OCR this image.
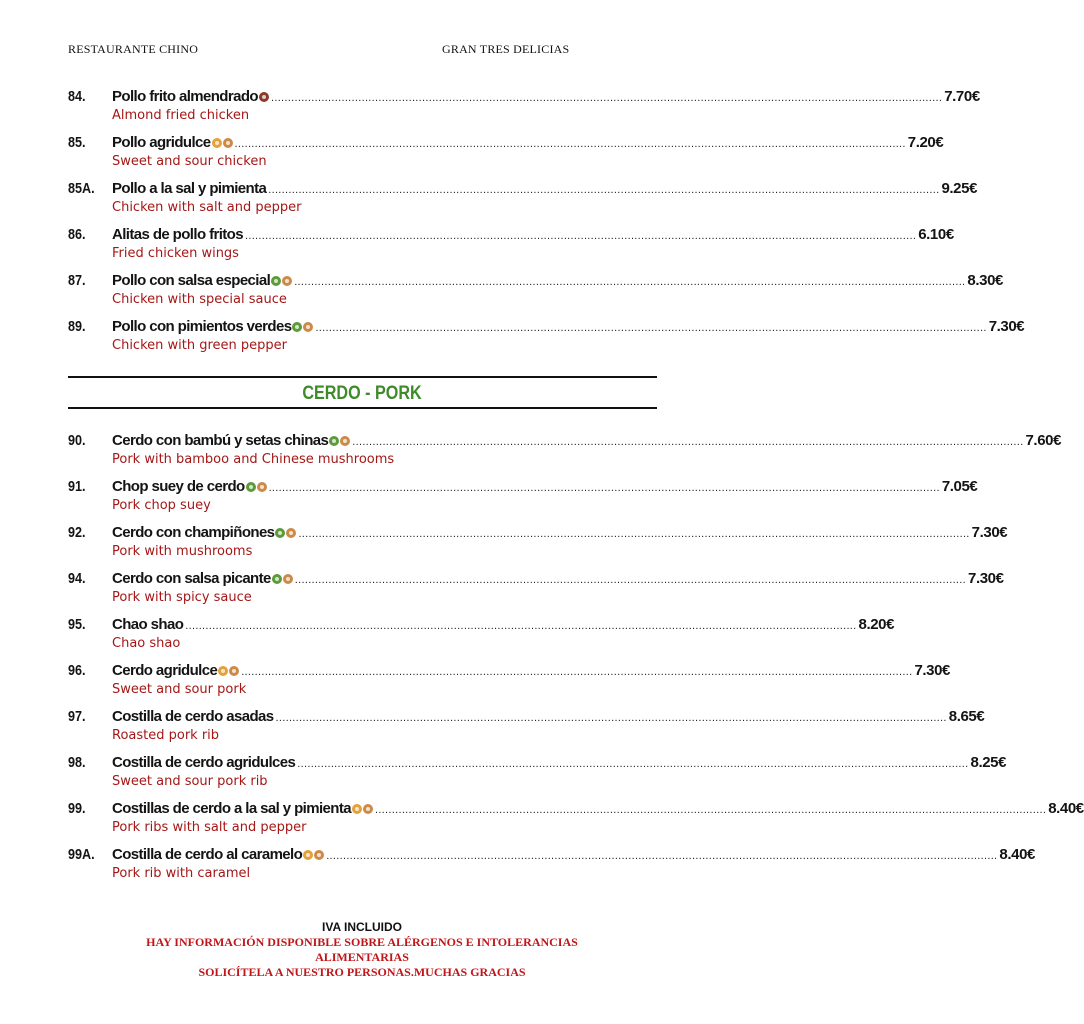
RESTAURANTE CHINO	GRAN TRES DELICIAS
84. Pollo frito almendrado ........................................................................................................................................................................................................ 7.70€
Almond fried chicken
85. Pollo agridulce ........................................................................................................................................................................................................ 7.20€
Sweet and sour chicken
85A. Pollo a la sal y pimienta ........................................................................................................................................................................................................ 9.25€
Chicken with salt and pepper
86. Alitas de pollo fritos ........................................................................................................................................................................................................ 6.10€
Fried chicken wings
87. Pollo con salsa especial ........................................................................................................................................................................................................ 8.30€
Chicken with special sauce
89. Pollo con pimientos verdes ........................................................................................................................................................................................................ 7.30€
Chicken with green pepper
CERDO - PORK
90. Cerdo con bambú y setas chinas ........................................................................................................................................................................................................ 7.60€
Pork with bamboo and Chinese mushrooms
91. Chop suey de cerdo ........................................................................................................................................................................................................ 7.05€
Pork chop suey
92. Cerdo con champiñones ........................................................................................................................................................................................................ 7.30€
Pork with mushrooms
94. Cerdo con salsa picante ........................................................................................................................................................................................................ 7.30€
Pork with spicy sauce
95. Chao shao ........................................................................................................................................................................................................ 8.20€
Chao shao
96. Cerdo agridulce ........................................................................................................................................................................................................ 7.30€
Sweet and sour pork
97. Costilla de cerdo asadas ........................................................................................................................................................................................................ 8.65€
Roasted pork rib
98. Costilla de cerdo agridulces ........................................................................................................................................................................................................ 8.25€
Sweet and sour pork rib
99. Costillas de cerdo a la sal y pimienta ........................................................................................................................................................................................................ 8.40€
Pork ribs with salt and pepper
99A. Costilla de cerdo al caramelo ........................................................................................................................................................................................................ 8.40€
Pork rib with caramel
IVA INCLUIDO
HAY INFORMACIÓN DISPONIBLE SOBRE ALÉRGENOS E INTOLERANCIAS
ALIMENTARIAS
SOLICÍTELA A NUESTRO PERSONAS.MUCHAS GRACIAS
